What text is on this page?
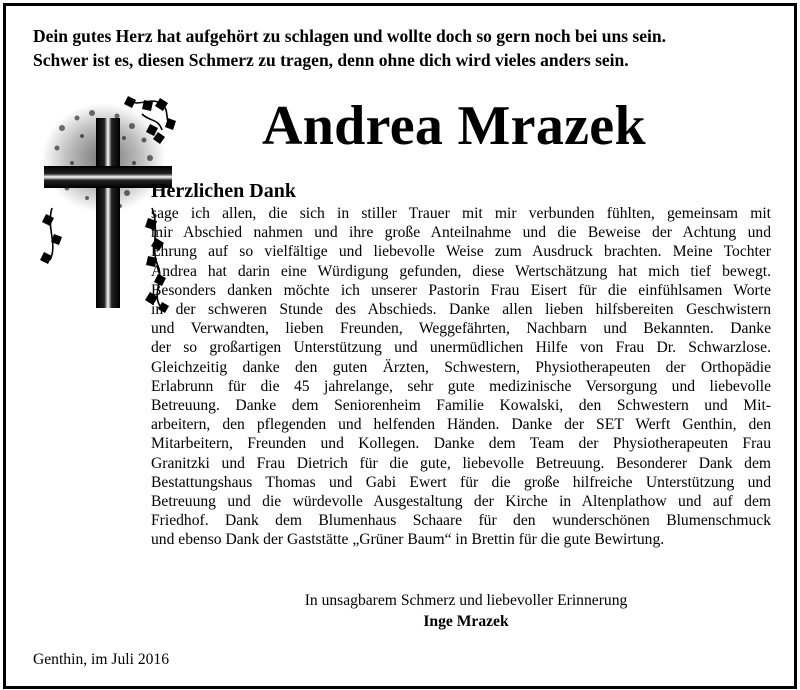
Dein gutes Herz hat aufgehört zu schlagen und wollte doch so gern noch bei uns sein.
Schwer ist es, diesen Schmerz zu tragen, denn ohne dich wird vieles anders sein.
Andrea Mrazek
Herzlichen Dank
sage ich allen, die sich in stiller Trauer mit mir verbunden fühlten, gemeinsam mit
mir Abschied nahmen und ihre große Anteilnahme und die Beweise der Achtung und
Ehrung auf so vielfältige und liebevolle Weise zum Ausdruck brachten. Meine Tochter
Andrea hat darin eine Würdigung gefunden, diese Wertschätzung hat mich tief bewegt.
Besonders danken möchte ich unserer Pastorin Frau Eisert für die einfühlsamen Worte
in der schweren Stunde des Abschieds. Danke allen lieben hilfsbereiten Geschwistern
und Verwandten, lieben Freunden, Weggefährten, Nachbarn und Bekannten. Danke
der so großartigen Unterstützung und unermüdlichen Hilfe von Frau Dr. Schwarzlose.
Gleichzeitig danke den guten Ärzten, Schwestern, Physiotherapeuten der Orthopädie
Erlabrunn für die 45 jahrelange, sehr gute medizinische Versorgung und liebevolle
Betreuung. Danke dem Seniorenheim Familie Kowalski, den Schwestern und Mit-
arbeitern, den pflegenden und helfenden Händen. Danke der SET Werft Genthin, den
Mitarbeitern, Freunden und Kollegen. Danke dem Team der Physiotherapeuten Frau
Granitzki und Frau Dietrich für die gute, liebevolle Betreuung. Besonderer Dank dem
Bestattungshaus Thomas und Gabi Ewert für die große hilfreiche Unterstützung und
Betreuung und die würdevolle Ausgestaltung der Kirche in Altenplathow und auf dem
Friedhof. Dank dem Blumenhaus Schaare für den wunderschönen Blumenschmuck
und ebenso Dank der Gaststätte „Grüner Baum“ in Brettin für die gute Bewirtung.
In unsagbarem Schmerz und liebevoller Erinnerung
Inge Mrazek
Genthin, im Juli 2016
